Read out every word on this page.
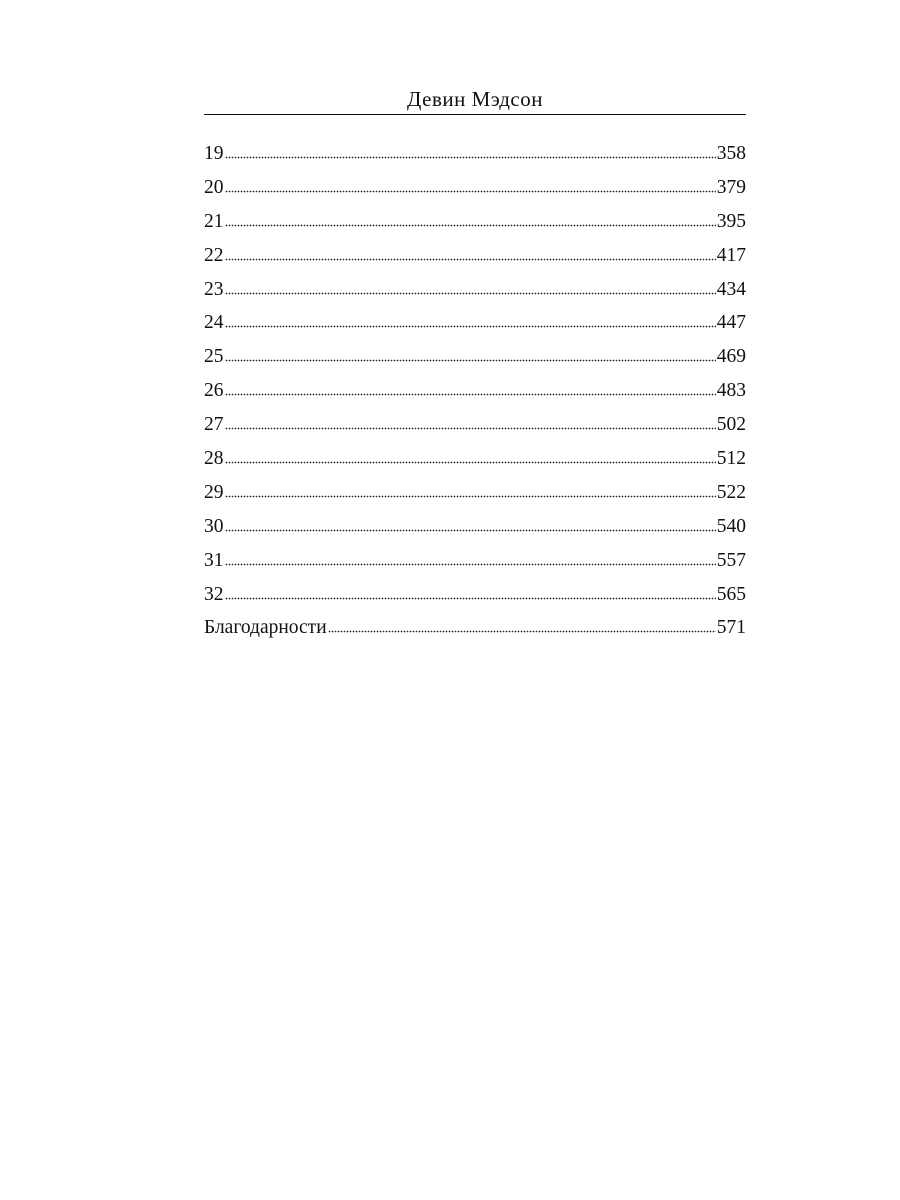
Девин Мэдсон
19	358
20	379
21	395
22	417
23	434
24	447
25	469
26	483
27	502
28	512
29	522
30	540
31	557
32	565
Благодарности	571
